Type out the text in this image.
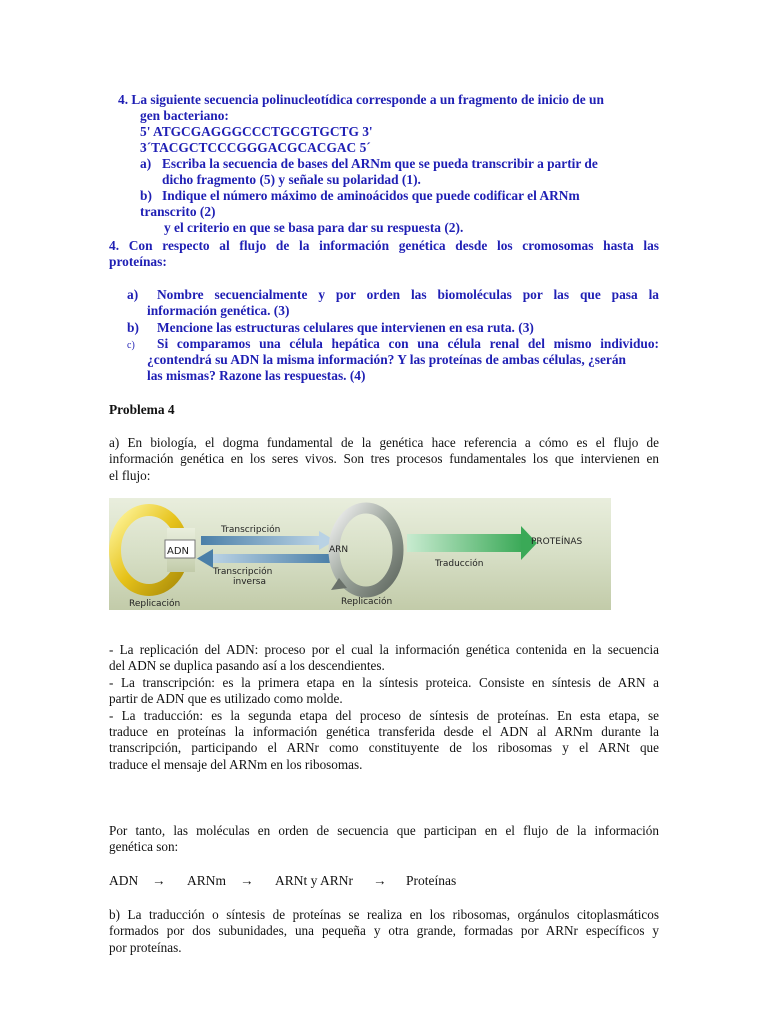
4. La siguiente secuencia polinucleotídica corresponde a un fragmento de inicio de un
gen bacteriano:
5' ATGCGAGGGCCCTGCGTGCTG 3'
3´TACGCTCCCGGGACGCACGAC 5´
a) Escriba la secuencia de bases del ARNm que se pueda transcribir a partir de
dicho fragmento (5) y señale su polaridad (1).
b) Indique el número máximo de aminoácidos que puede codificar el ARNm
transcrito (2)
y el criterio en que se basa para dar su respuesta (2).
4. Con respecto al flujo de la información genética desde los cromosomas hasta las
proteínas:
a) Nombre secuencialmente y por orden las biomoléculas por las que pasa la
información genética. (3)
b) Mencione las estructuras celulares que intervienen en esa ruta. (3)
c) Si comparamos una célula hepática con una célula renal del mismo individuo:
¿contendrá su ADN la misma información? Y las proteínas de ambas células, ¿serán
las mismas? Razone las respuestas. (4)
Problema 4
a) En biología, el dogma fundamental de la genética hace referencia a cómo es el flujo de
información genética en los seres vivos. Son tres procesos fundamentales los que intervienen en
el flujo:
ADN
Transcripción
Transcripción
inversa
ARN
PROTEÍNAS
Traducción
Replicación	Replicación
- La replicación del ADN: proceso por el cual la información genética contenida en la secuencia
del ADN se duplica pasando así a los descendientes.
- La transcripción: es la primera etapa en la síntesis proteica. Consiste en síntesis de ARN a
partir de ADN que es utilizado como molde.
- La traducción: es la segunda etapa del proceso de síntesis de proteínas. En esta etapa, se
traduce en proteínas la información genética transferida desde el ADN al ARNm durante la
transcripción, participando el ARNr como constituyente de los ribosomas y el ARNt que
traduce el mensaje del ARNm en los ribosomas.
Por tanto, las moléculas en orden de secuencia que participan en el flujo de la información
genética son:
ADN → ARNm → ARNt y ARNr → Proteínas
b) La traducción o síntesis de proteínas se realiza en los ribosomas, orgánulos citoplasmáticos
formados por dos subunidades, una pequeña y otra grande, formadas por ARNr específicos y
por proteínas.
